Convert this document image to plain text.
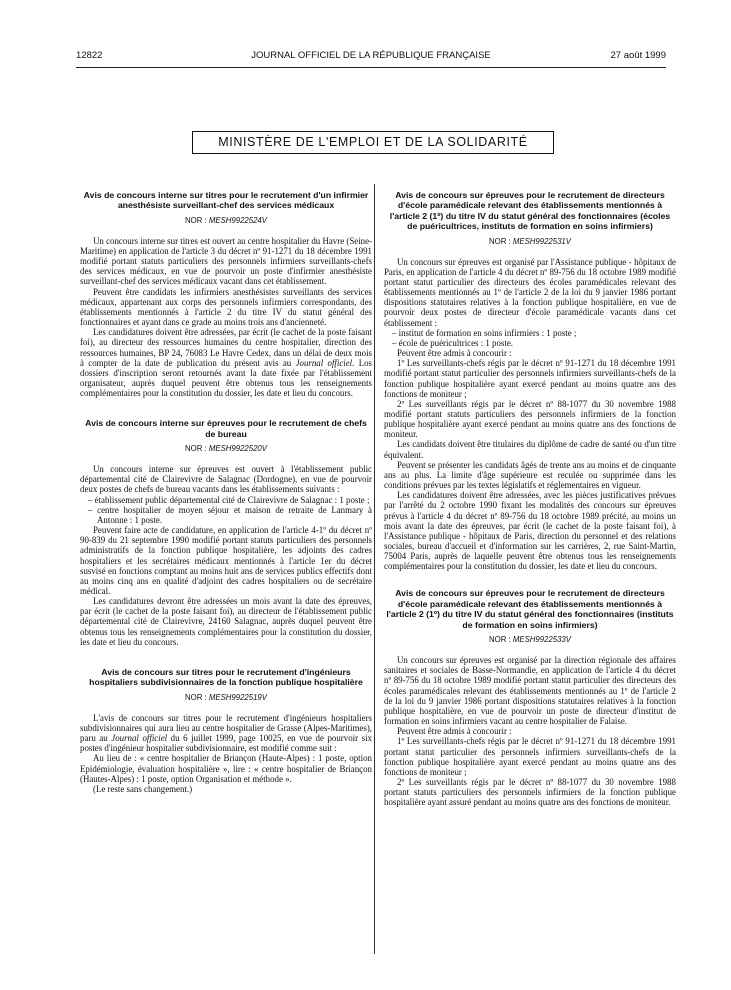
12822	JOURNAL OFFICIEL DE LA RÉPUBLIQUE FRANÇAISE	27 août 1999
MINISTÈRE DE L'EMPLOI ET DE LA SOLIDARITÉ
Avis de concours interne sur titres pour le recrutement d'un infirmier anesthésiste surveillant-chef des services médicaux
NOR : MESH9922524V

Un concours interne sur titres est ouvert au centre hospitalier du Havre (Seine-Maritime) en application de l'article 3 du décret nº 91-1271 du 18 décembre 1991 modifié portant statuts particuliers des personnels infirmiers surveillants-chefs des services médicaux, en vue de pourvoir un poste d'infirmier anesthésiste surveillant-chef des services médicaux vacant dans cet établissement.

Peuvent être candidats les infirmiers anesthésistes surveillants des services médicaux, appartenant aux corps des personnels infirmiers correspondants, des établissements mentionnés à l'article 2 du titre IV du statut général des fonctionnaires et ayant dans ce grade au moins trois ans d'ancienneté.

Les candidatures doivent être adressées, par écrit (le cachet de la poste faisant foi), au directeur des ressources humaines du centre hospitalier, direction des ressources humaines, BP 24, 76083 Le Havre Cedex, dans un délai de deux mois à compter de la date de publication du présent avis au Journal officiel. Los dossiers d'inscription seront retournés avant la date fixée par l'établissement organisateur, auprès duquel peuvent être obtenus tous les renseignements complémentaires pour la constitution du dossier, les date et lieu du concours.

Avis de concours interne sur épreuves pour le recrutement de chefs de bureau
NOR : MESH9922520V

Un concours interne sur épreuves est ouvert à l'établissement public départemental cité de Clairevivre de Salagnac (Dordogne), en vue de pourvoir deux postes de chefs de bureau vacants dans les établissements suivants :

– établissement public départemental cité de Clairevivre de Salagnac : 1 poste ;

– centre hospitalier de moyen séjour et maison de retraite de Lanmary à Antonne : 1 poste.

Peuvent faire acte de candidature, en application de l'article 4-1º du décret nº 90-839 du 21 septembre 1990 modifié portant statuts particuliers des personnels administratifs de la fonction publique hospitalière, les adjoints des cadres hospitaliers et les secrétaires médicaux mentionnés à l'article 1er du décret susvisé en fonctions comptant au moins huit ans de services publics effectifs dont au moins cinq ans en qualité d'adjoint des cadres hospitaliers ou de secrétaire médical.

Les candidatures devront être adressées un mois avant la date des épreuves, par écrit (le cachet de la poste faisant foi), au directeur de l'établissement public départemental cité de Clairevivre, 24160 Salagnac, auprès duquel peuvent être obtenus tous les renseignements complémentaires pour la constitution du dossier, les date et lieu du concours.

Avis de concours sur titres pour le recrutement d'ingénieurs hospitaliers subdivisionnaires de la fonction publique hospitalière
NOR : MESH9922519V

L'avis de concours sur titres pour le recrutement d'ingénieurs hospitaliers subdivisionnaires qui aura lieu au centre hospitalier de Grasse (Alpes-Maritimes), paru au Journal officiel du 6 juillet 1999, page 10025, en vue de pourvoir six postes d'ingénieur hospitalier subdivisionnaire, est modifié comme suit :

Au lieu de : « centre hospitalier de Briançon (Haute-Alpes) : 1 poste, option Epidémiologie, évaluation hospitalière », lire : « centre hospitalier de Briançon (Hautes-Alpes) : 1 poste, option Organisation et méthode ».

(Le reste sans changement.)

Avis de concours sur épreuves pour le recrutement de directeurs d'école paramédicale relevant des établissements mentionnés à l'article 2 (1º) du titre IV du statut général des fonctionnaires (écoles de puéricultrices, instituts de formation en soins infirmiers)
NOR : MESH9922531V

Un concours sur épreuves est organisé par l'Assistance publique - hôpitaux de Paris, en application de l'article 4 du décret nº 89-756 du 18 octobre 1989 modifié portant statut particulier des directeurs des écoles paramédicales relevant des établissements mentionnés au 1º de l'article 2 de la loi du 9 janvier 1986 portant dispositions statutaires relatives à la fonction publique hospitalière, en vue de pourvoir deux postes de directeur d'école paramédicale vacants dans cet établissement :

– institut de formation en soins infirmiers : 1 poste ;

– école de puéricultrices : 1 poste.

Peuvent être admis à concourir :

1º Les surveillants-chefs régis par le décret nº 91-1271 du 18 décembre 1991 modifié portant statut particulier des personnels infirmiers surveillants-chefs de la fonction publique hospitalière ayant exercé pendant au moins quatre ans des fonctions de moniteur ;

2º Les surveillants régis par le décret nº 88-1077 du 30 novembre 1988 modifié portant statuts particuliers des personnels infirmiers de la fonction publique hospitalière ayant exercé pendant au moins quatre ans des fonctions de moniteur.

Les candidats doivent être titulaires du diplôme de cadre de santé ou d'un titre équivalent.

Peuvent se présenter les candidats âgés de trente ans au moins et de cinquante ans au plus. La limite d'âge supérieure est reculée ou supprimée dans les conditions prévues par les textes législatifs et réglementaires en vigueur.

Les candidatures doivent être adressées, avec les pièces justificatives prévues par l'arrêté du 2 octobre 1990 fixant les modalités des concours sur épreuves prévus à l'article 4 du décret nº 89-756 du 18 octobre 1989 précité, au moins un mois avant la date des épreuves, par écrit (le cachet de la poste faisant foi), à l'Assistance publique - hôpitaux de Paris, direction du personnel et des relations sociales, bureau d'accueil et d'information sur les carrières, 2, rue Saint-Martin, 75004 Paris, auprès de laquelle peuvent être obtenus tous les renseignements complémentaires pour la constitution du dossier, les date et lieu du concours.

Avis de concours sur épreuves pour le recrutement de directeurs d'école paramédicale relevant des établissements mentionnés à l'article 2 (1º) du titre IV du statut général des fonctionnaires (instituts de formation en soins infirmiers)
NOR : MESH9922533V

Un concours sur épreuves est organisé par la direction régionale des affaires sanitaires et sociales de Basse-Normandie, en application de l'article 4 du décret nº 89-756 du 18 octobre 1989 modifié portant statut particulier des directeurs des écoles paramédicales relevant des établissements mentionnés au 1º de l'article 2 de la loi du 9 janvier 1986 portant dispositions statutaires relatives à la fonction publique hospitalière, en vue de pourvoir un poste de directeur d'institut de formation en soins infirmiers vacant au centre hospitalier de Falaise.

Peuvent être admis à concourir :

1º Les surveillants-chefs régis par le décret nº 91-1271 du 18 décembre 1991 portant statut particulier des personnels infirmiers surveillants-chefs de la fonction publique hospitalière ayant exercé pendant au moins quatre ans des fonctions de moniteur ;

2º Les surveillants régis par le décret nº 88-1077 du 30 novembre 1988 portant statuts particuliers des personnels infirmiers de la fonction publique hospitalière ayant assuré pendant au moins quatre ans des fonctions de moniteur.
